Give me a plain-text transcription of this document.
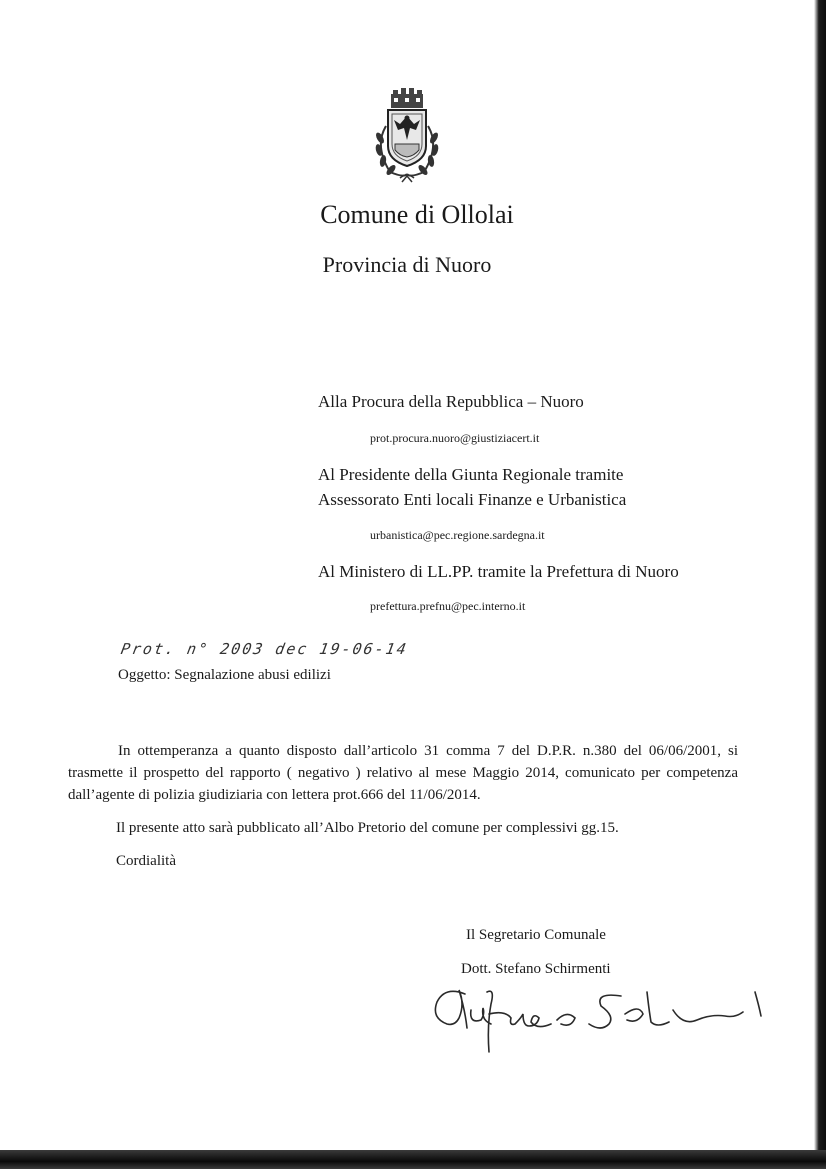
Comune di Ollolai
Provincia di Nuoro
Alla Procura della Repubblica – Nuoro
prot.procura.nuoro@giustiziacert.it
Al Presidente della Giunta Regionale tramite
Assessorato Enti locali Finanze e Urbanistica
urbanistica@pec.regione.sardegna.it
Al Ministero di LL.PP. tramite la Prefettura di Nuoro
prefettura.prefnu@pec.interno.it
Prot. n° 2003 dec 19-06-14
Oggetto: Segnalazione abusi edilizi

In ottemperanza a quanto disposto dall’articolo 31 comma 7 del D.P.R. n.380 del 06/06/2001, si trasmette il prospetto del rapporto ( negativo ) relativo al mese Maggio 2014, comunicato per competenza dall’agente di polizia giudiziaria con lettera prot.666 del 11/06/2014.

Il presente atto sarà pubblicato all’Albo Pretorio del comune per complessivi gg.15.
Cordialità
Il Segretario Comunale
Dott. Stefano Schirmenti
